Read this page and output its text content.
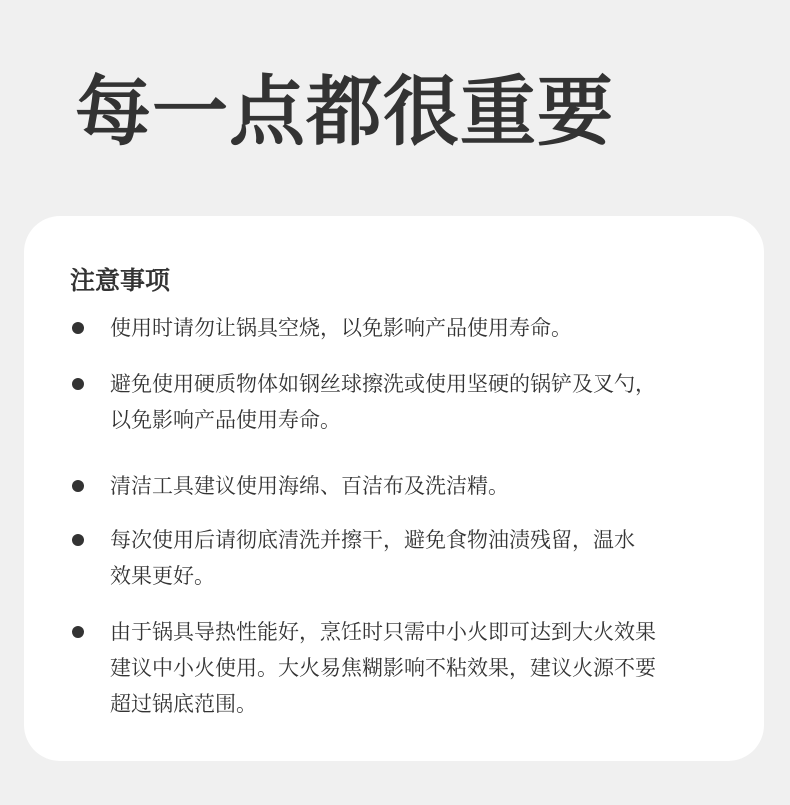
每一点都很重要
注意事项
使用时请勿让锅具空烧，以免影响产品使用寿命。
避免使用硬质物体如钢丝球擦洗或使用坚硬的锅铲及叉勺，
以免影响产品使用寿命。
清洁工具建议使用海绵、百洁布及洗洁精。
每次使用后请彻底清洗并擦干，避免食物油渍残留，温水
效果更好。
由于锅具导热性能好，烹饪时只需中小火即可达到大火效果
建议中小火使用。大火易焦糊影响不粘效果，建议火源不要
超过锅底范围。
